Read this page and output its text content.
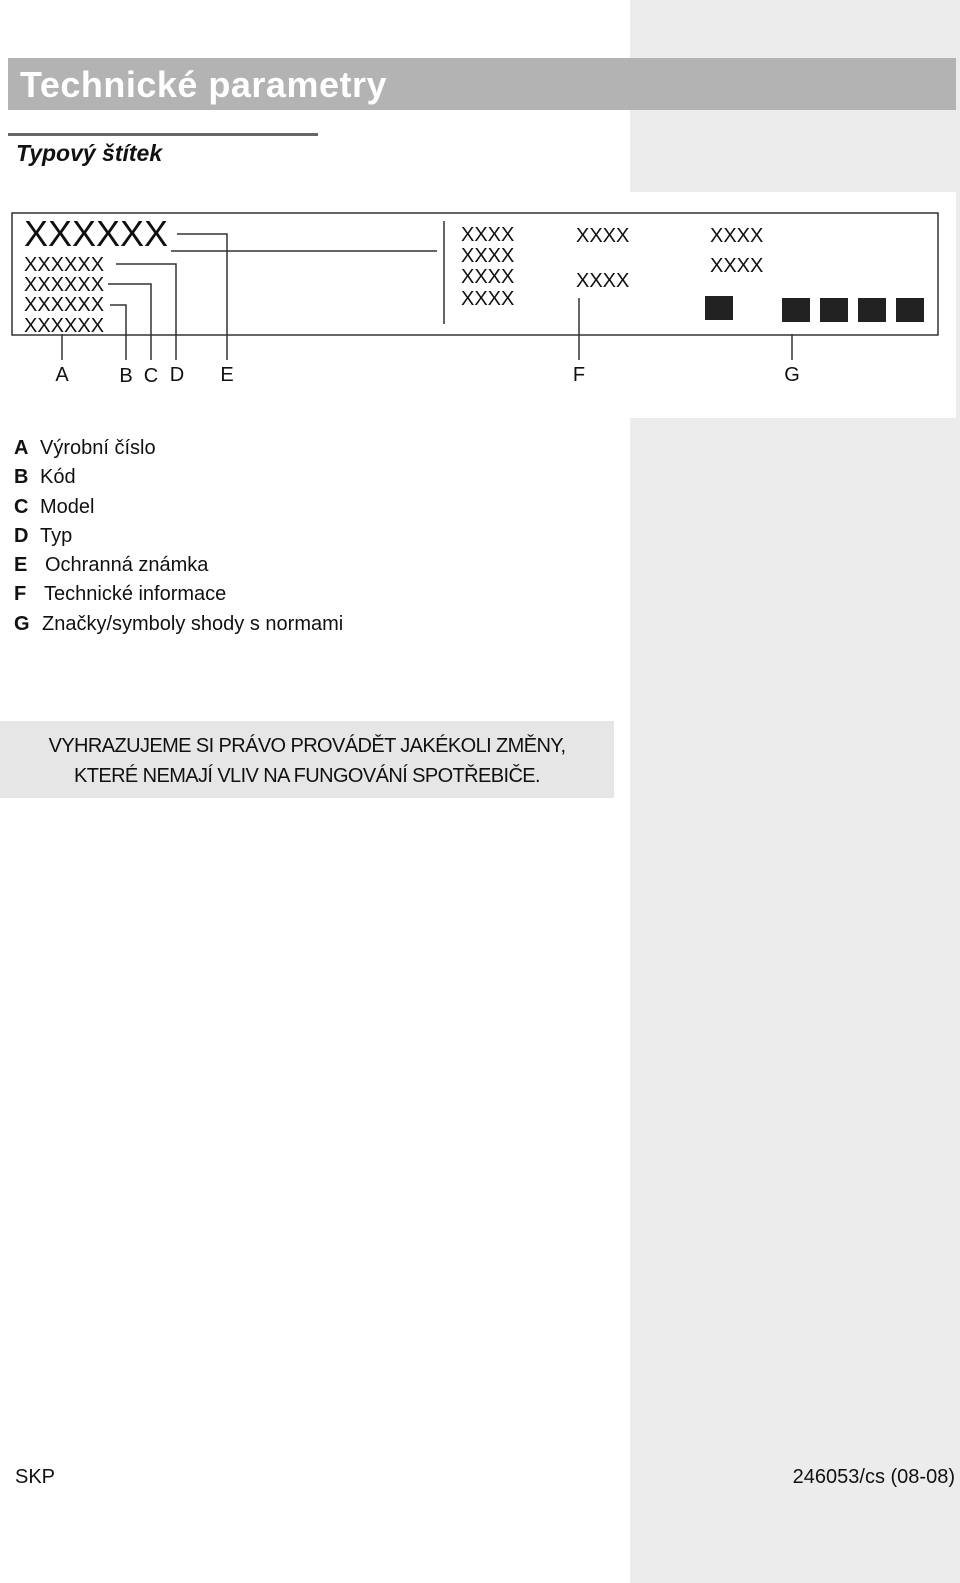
Technické parametry
Typový štítek
XXXXXX
XXXXXX
XXXXXX
XXXXXX
XXXXXX
XXXX
XXXX
XXXX
XXXX
XXXX
XXXX
XXXX
XXXX
A	B C D E	F	G
A Výrobní číslo
B Kód
C Model
D Typ
E Ochranná známka
F Technické informace
G Značky/symboly shody s normami

VYHRAZUJEME SI PRÁVO PROVÁDĚT JAKÉKOLI ZMĚNY,

KTERÉ NEMAJÍ VLIV NA FUNGOVÁNÍ SPOTŘEBIČE.

SKP	246053/cs (08-08)
